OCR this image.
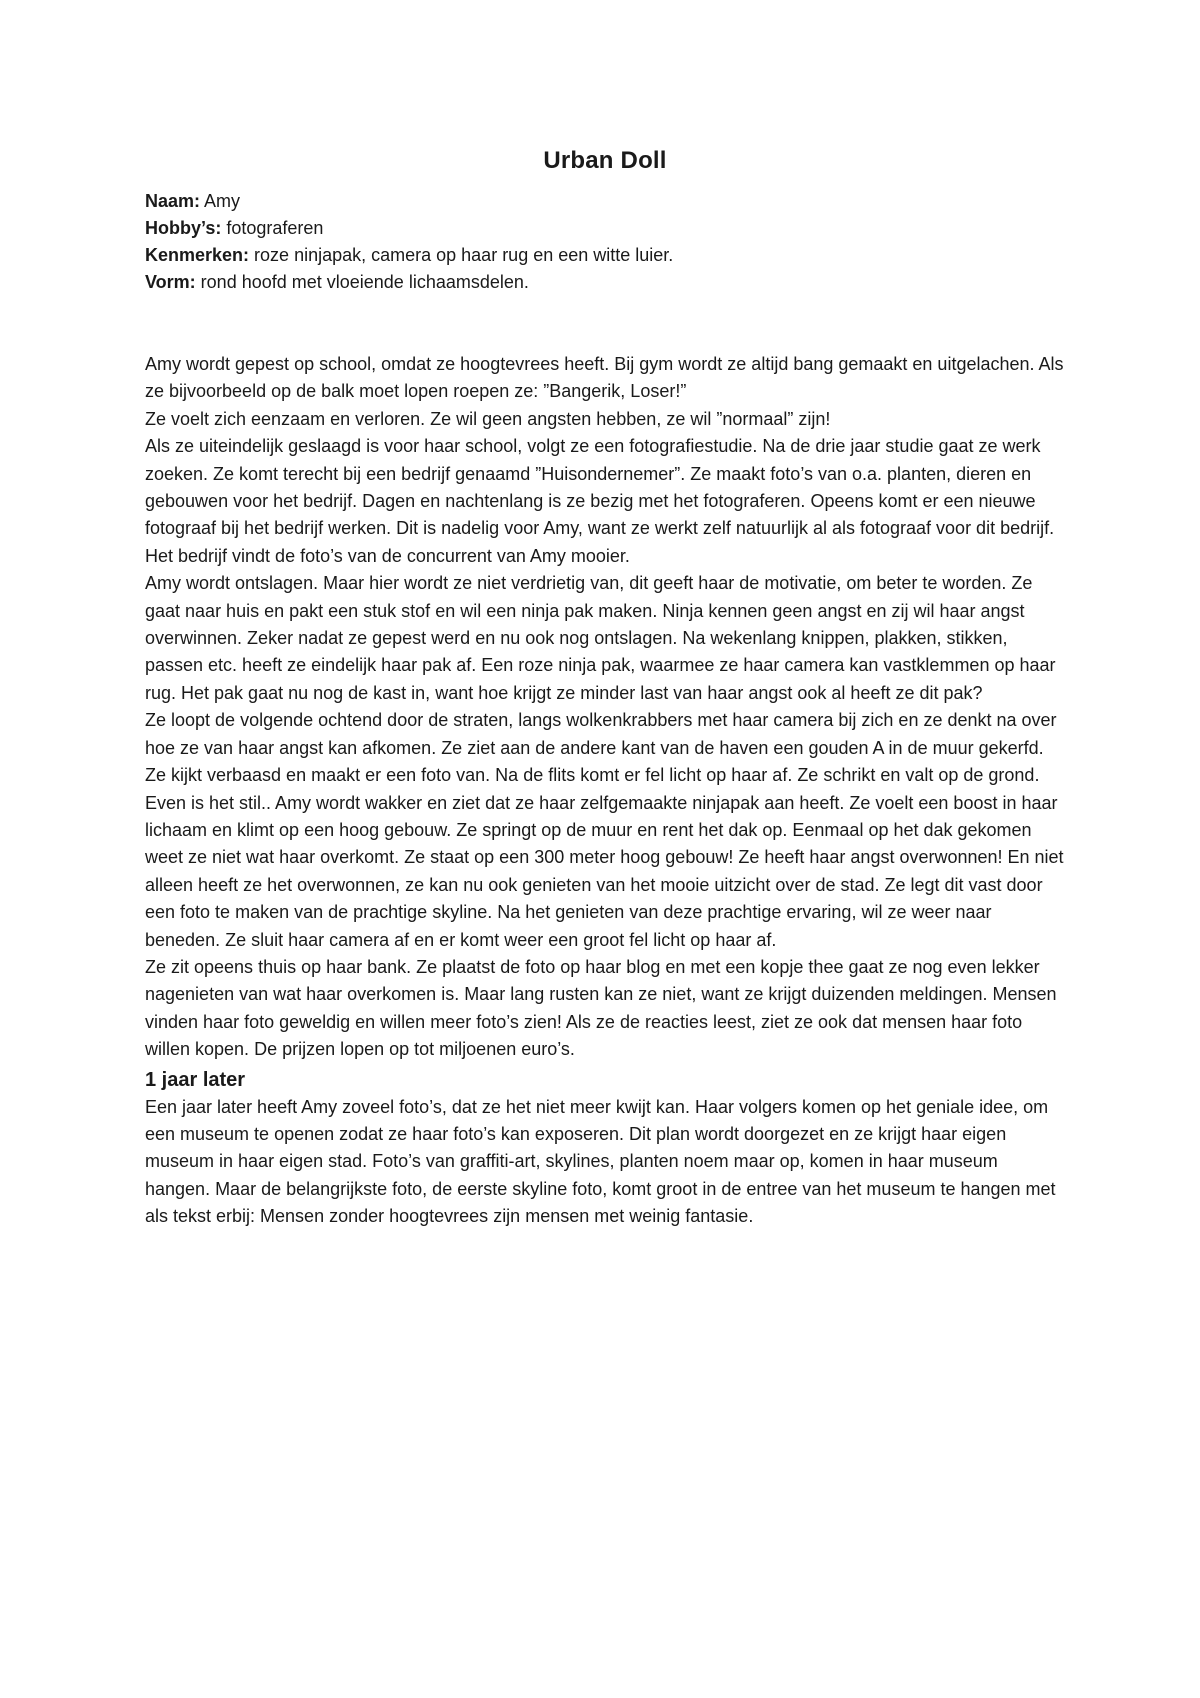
Urban Doll

Naam: Amy

Hobby’s: fotograferen

Kenmerken: roze ninjapak, camera op haar rug en een witte luier.

Vorm: rond hoofd met vloeiende lichaamsdelen.

Amy wordt gepest op school, omdat ze hoogtevrees heeft. Bij gym wordt ze altijd bang gemaakt en uitgelachen. Als ze bijvoorbeeld op de balk moet lopen roepen ze: ”Bangerik, Loser!”

Ze voelt zich eenzaam en verloren. Ze wil geen angsten hebben, ze wil ”normaal” zijn!

Als ze uiteindelijk geslaagd is voor haar school, volgt ze een fotografiestudie. Na de drie jaar studie gaat ze werk zoeken. Ze komt terecht bij een bedrijf genaamd ”Huisondernemer”. Ze maakt foto’s van o.a. planten, dieren en gebouwen voor het bedrijf. Dagen en nachtenlang is ze bezig met het fotograferen. Opeens komt er een nieuwe fotograaf bij het bedrijf werken. Dit is nadelig voor Amy, want ze werkt zelf natuurlijk al als fotograaf voor dit bedrijf. Het bedrijf vindt de foto’s van de concurrent van Amy mooier.

Amy wordt ontslagen. Maar hier wordt ze niet verdrietig van, dit geeft haar de motivatie, om beter te worden. Ze gaat naar huis en pakt een stuk stof en wil een ninja pak maken. Ninja kennen geen angst en zij wil haar angst overwinnen. Zeker nadat ze gepest werd en nu ook nog ontslagen. Na wekenlang knippen, plakken, stikken, passen etc. heeft ze eindelijk haar pak af. Een roze ninja pak, waarmee ze haar camera kan vastklemmen op haar rug. Het pak gaat nu nog de kast in, want hoe krijgt ze minder last van haar angst ook al heeft ze dit pak?

Ze loopt de volgende ochtend door de straten, langs wolkenkrabbers met haar camera bij zich en ze denkt na over hoe ze van haar angst kan afkomen. Ze ziet aan de andere kant van de haven een gouden A in de muur gekerfd. Ze kijkt verbaasd en maakt er een foto van. Na de flits komt er fel licht op haar af. Ze schrikt en valt op de grond. Even is het stil.. Amy wordt wakker en ziet dat ze haar zelfgemaakte ninjapak aan heeft. Ze voelt een boost in haar lichaam en klimt op een hoog gebouw. Ze springt op de muur en rent het dak op. Eenmaal op het dak gekomen weet ze niet wat haar overkomt. Ze staat op een 300 meter hoog gebouw! Ze heeft haar angst overwonnen! En niet alleen heeft ze het overwonnen, ze kan nu ook genieten van het mooie uitzicht over de stad. Ze legt dit vast door een foto te maken van de prachtige skyline. Na het genieten van deze prachtige ervaring, wil ze weer naar beneden. Ze sluit haar camera af en er komt weer een groot fel licht op haar af.

Ze zit opeens thuis op haar bank. Ze plaatst de foto op haar blog en met een kopje thee gaat ze nog even lekker nagenieten van wat haar overkomen is. Maar lang rusten kan ze niet, want ze krijgt duizenden meldingen. Mensen vinden haar foto geweldig en willen meer foto’s zien! Als ze de reacties leest, ziet ze ook dat mensen haar foto willen kopen. De prijzen lopen op tot miljoenen euro’s.

1 jaar later

Een jaar later heeft Amy zoveel foto’s, dat ze het niet meer kwijt kan. Haar volgers komen op het geniale idee, om een museum te openen zodat ze haar foto’s kan exposeren. Dit plan wordt doorgezet en ze krijgt haar eigen museum in haar eigen stad. Foto’s van graffiti-art, skylines, planten noem maar op, komen in haar museum hangen. Maar de belangrijkste foto, de eerste skyline foto, komt groot in de entree van het museum te hangen met als tekst erbij: Mensen zonder hoogtevrees zijn mensen met weinig fantasie.
